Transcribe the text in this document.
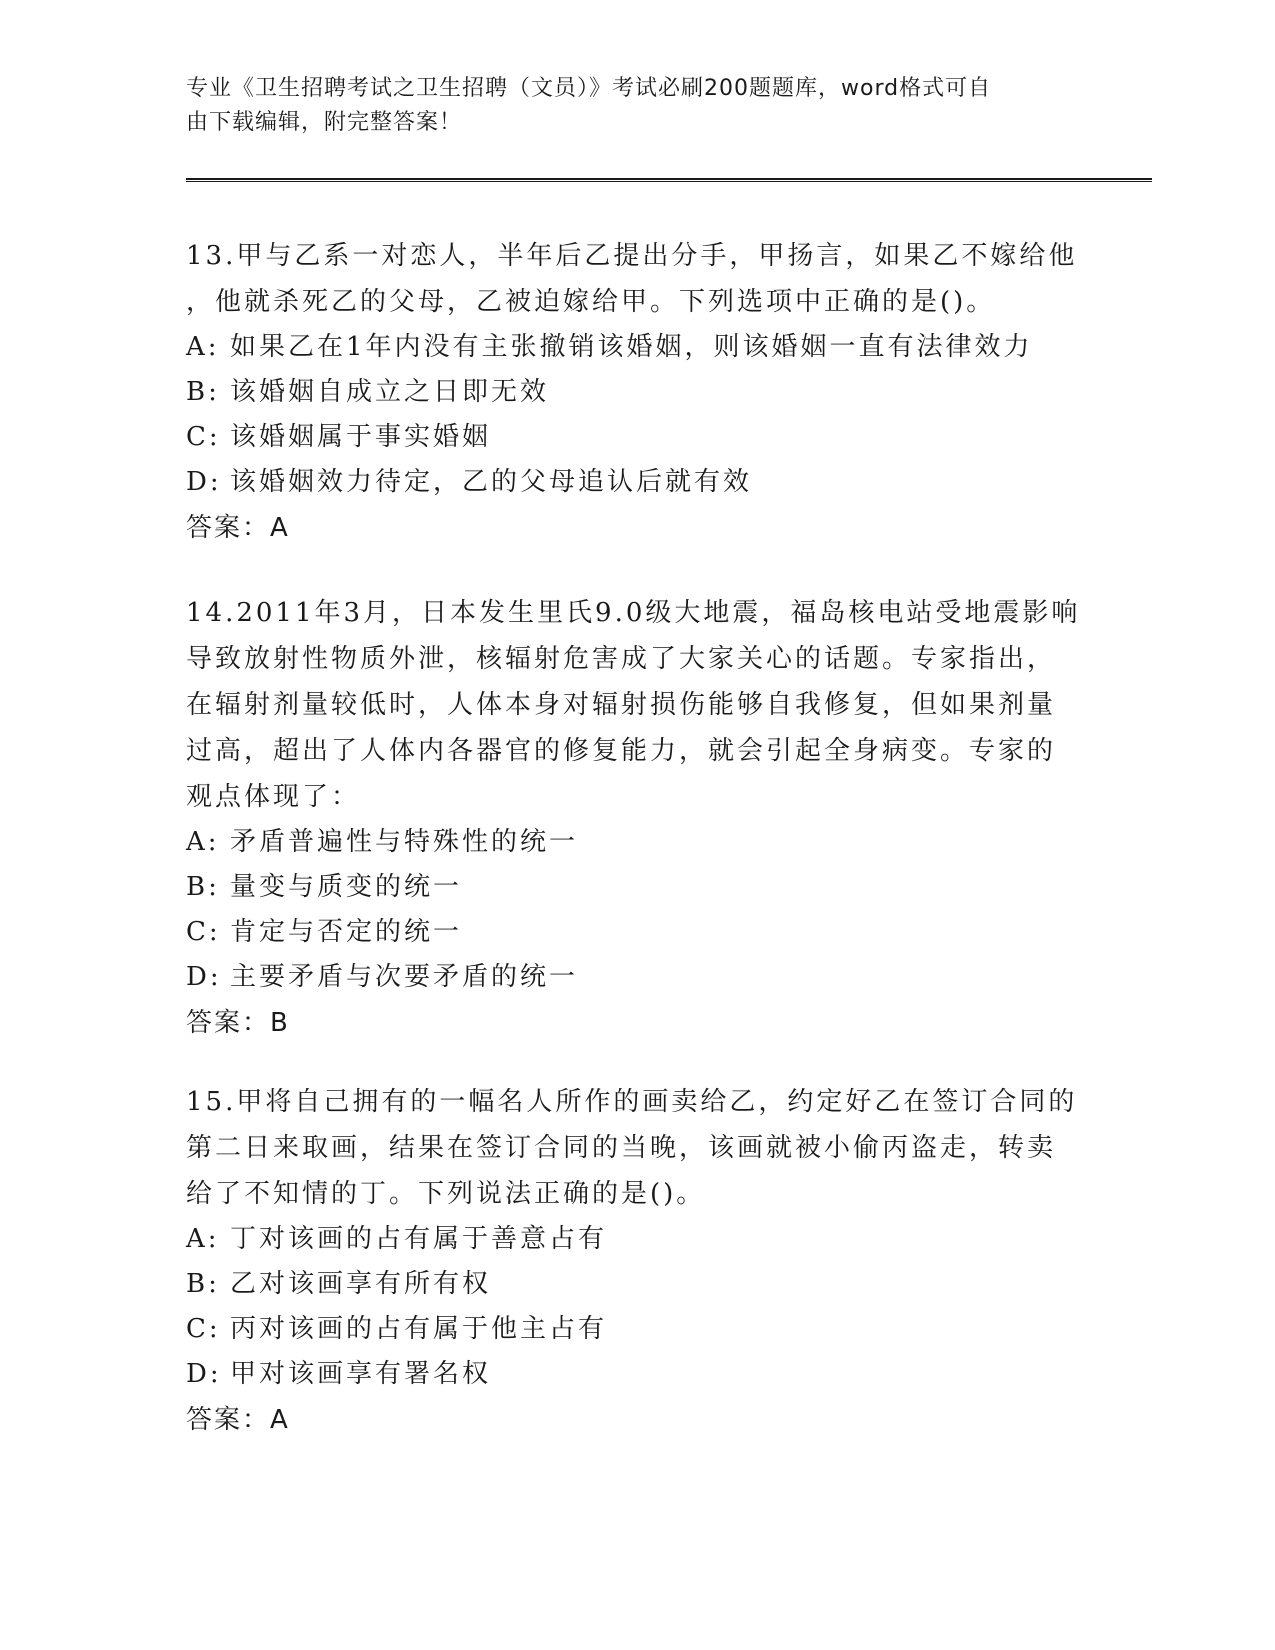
专业《卫生招聘考试之卫生招聘（文员）》考试必刷200题题库，word格式可自
由下载编辑，附完整答案！

13.甲与乙系一对恋人，半年后乙提出分手，甲扬言，如果乙不嫁给他

，他就杀死乙的父母，乙被迫嫁给甲。下列选项中正确的是()。

A: 如果乙在1年内没有主张撤销该婚姻，则该婚姻一直有法律效力

B: 该婚姻自成立之日即无效

C: 该婚姻属于事实婚姻

D: 该婚姻效力待定，乙的父母追认后就有效

答案：A

14.2011年3月，日本发生里氏9.0级大地震，福岛核电站受地震影响

导致放射性物质外泄，核辐射危害成了大家关心的话题。专家指出，

在辐射剂量较低时，人体本身对辐射损伤能够自我修复，但如果剂量

过高，超出了人体内各器官的修复能力，就会引起全身病变。专家的

观点体现了：

A: 矛盾普遍性与特殊性的统一

B: 量变与质变的统一

C: 肯定与否定的统一

D: 主要矛盾与次要矛盾的统一

答案：B

15.甲将自己拥有的一幅名人所作的画卖给乙，约定好乙在签订合同的

第二日来取画，结果在签订合同的当晚，该画就被小偷丙盗走，转卖

给了不知情的丁。下列说法正确的是()。

A: 丁对该画的占有属于善意占有

B: 乙对该画享有所有权

C: 丙对该画的占有属于他主占有

D: 甲对该画享有署名权

答案：A
